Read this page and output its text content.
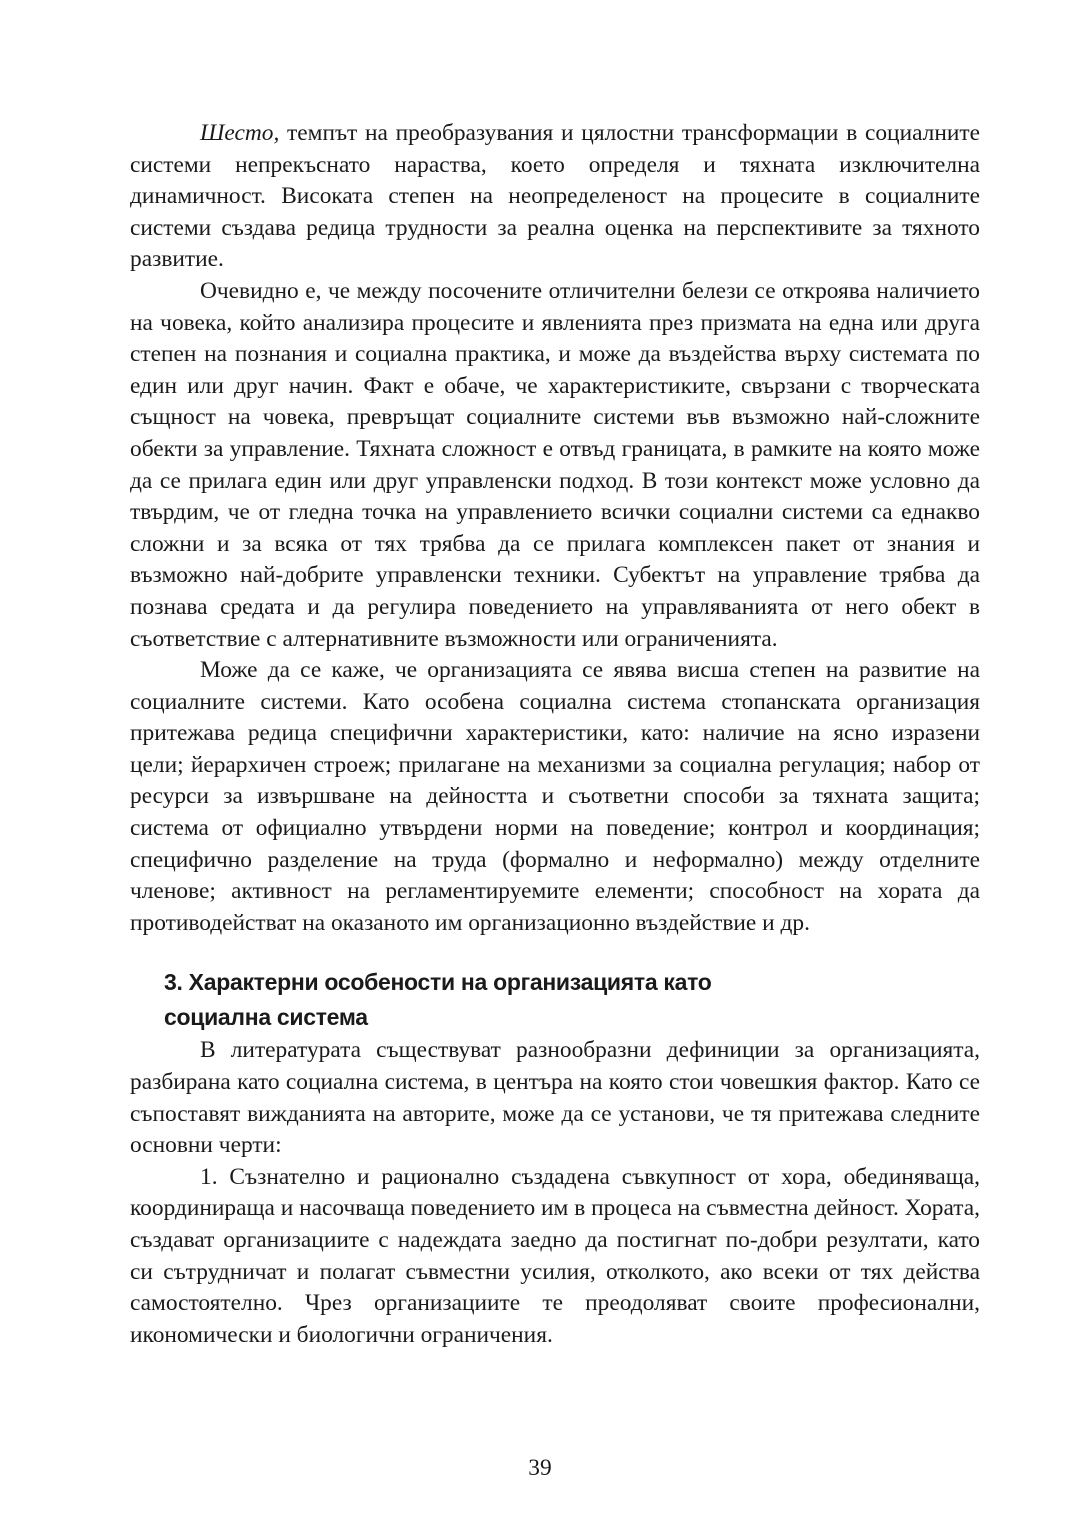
Шесто, темпът на преобразувания и цялостни трансформации в социалните системи непрекъснато нараства, което определя и тяхната изключителна динамичност. Високата степен на неопределеност на процесите в социалните системи създава редица трудности за реална оценка на перспективите за тяхното развитие.

Очевидно е, че между посочените отличителни белези се откроява наличието на човека, който анализира процесите и явленията през призмата на една или друга степен на познания и социална практика, и може да въздейства върху системата по един или друг начин. Факт е обаче, че характеристиките, свързани с творческата същност на човека, превръщат социалните системи във възможно най-сложните обекти за управление. Тяхната сложност е отвъд границата, в рамките на която може да се прилага един или друг управленски подход. В този контекст може условно да твърдим, че от гледна точка на управлението всички социални системи са еднакво сложни и за всяка от тях трябва да се прилага комплексен пакет от знания и възможно най-добрите управленски техники. Субектът на управление трябва да познава средата и да регулира поведението на управляванията от него обект в съответствие с алтернативните възможности или ограниченията.

Може да се каже, че организацията се явява висша степен на развитие на социалните системи. Като особена социална система стопанската организация притежава редица специфични характеристики, като: наличие на ясно изразени цели; йерархичен строеж; прилагане на механизми за социална регулация; набор от ресурси за извършване на дейността и съответни способи за тяхната защита; система от официално утвърдени норми на поведение; контрол и координация; специфично разделение на труда (формално и неформално) между отделните членове; активност на регламентируемите елементи; способност на хората да противодействат на оказаното им организационно въздействие и др.

3. Характерни особености на организацията като
социална система

В литературата съществуват разнообразни дефиниции за организацията, разбирана като социална система, в центъра на която стои човешкия фактор. Като се съпоставят вижданията на авторите, може да се установи, че тя притежава следните основни черти:

1. Съзнателно и рационално създадена съвкупност от хора, обединяваща, координираща и насочваща поведението им в процеса на съвместна дейност. Хората, създават организациите с надеждата заедно да постигнат по-добри резултати, като си сътрудничат и полагат съвместни усилия, отколкото, ако всеки от тях действа самостоятелно. Чрез организациите те преодоляват своите професионални, икономически и биологични ограничения.

39
